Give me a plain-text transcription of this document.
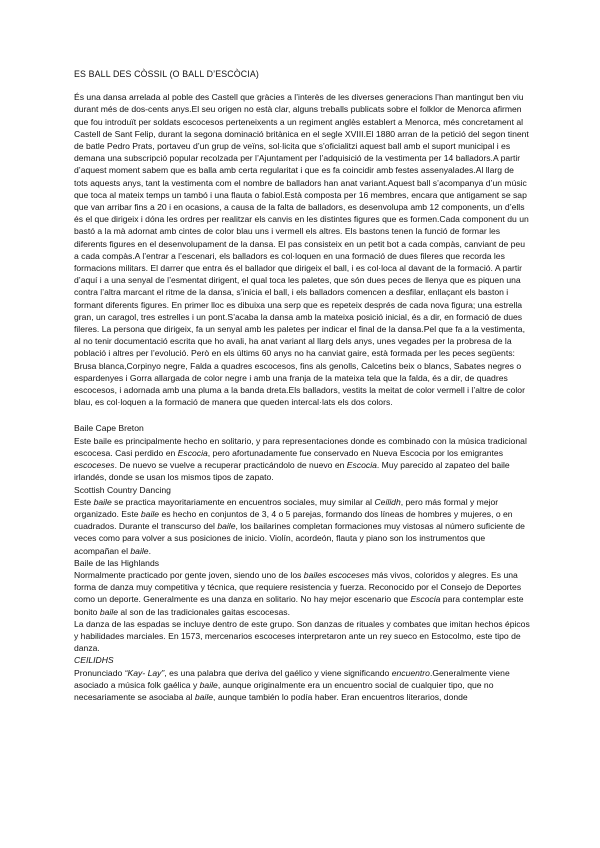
ES BALL DES CÒSSIL (O BALL D’ESCÒCIA)

És una dansa arrelada al poble des Castell que gràcies a l’interès de les diverses generacions l’han mantingut ben viu durant més de dos-cents anys.El seu origen no està clar, alguns treballs publicats sobre el folklor de Menorca afirmen que fou introduït per soldats escocesos perteneixents a un regiment anglès establert a Menorca, més concretament al Castell de Sant Felip, durant la segona dominació britànica en el segle XVIII.El 1880 arran de la petició del segon tinent de batle Pedro Prats, portaveu d’un grup de veïns, sol·licita que s’oficialitzi aquest ball amb el suport municipal i es demana una subscripció popular recolzada per l’Ajuntament per l’adquisició de la vestimenta per 14 balladors.A partir d’aquest moment sabem que es balla amb certa regularitat i que es fa coincidir amb festes assenyalades.Al llarg de tots aquests anys, tant la vestimenta com el nombre de balladors han anat variant.Aquest ball s’acompanya d’un músic que toca al mateix temps un tambó i una flauta o fabiol.Està composta per 16 membres, encara que antigament se sap que van arribar fins a 20 i en ocasions, a causa de la falta de balladors, es desenvolupa amb 12 components, un d’ells és el que dirigeix i dóna les ordres per realitzar els canvis en les distintes figures que es formen.Cada component du un bastó a la mà adornat amb cintes de color blau uns i vermell els altres. Els bastons tenen la funció de formar les diferents figures en el desenvolupament de la dansa. El pas consisteix en un petit bot a cada compàs, canviant de peu a cada compàs.A l’entrar a l’escenari, els balladors es col·loquen en una formació de dues fileres que recorda les formacions militars. El darrer que entra és el ballador que dirigeix el ball, i es col·loca al davant de la formació. A partir d’aquí i a una senyal de l’esmentat dirigent, el qual toca les paletes, que són dues peces de llenya que es piquen una contra l’altra marcant el ritme de la dansa, s’inicia el ball, i els balladors comencen a desfilar, enllaçant els baston i formant diferents figures. En primer lloc es dibuixa una serp que es repeteix després de cada nova figura; una estrella gran, un caragol, tres estrelles i un pont.S’acaba la dansa amb la mateixa posició inicial, és a dir, en formació de dues fileres. La persona que dirigeix, fa un senyal amb les paletes per indicar el final de la dansa.Pel que fa a la vestimenta, al no tenir documentació escrita que ho avali, ha anat variant al llarg dels anys, unes vegades per la probresa de la població i altres per l’evolució. Però en els últims 60 anys no ha canviat gaire, està formada per les peces següents: Brusa blanca,Corpinyo negre, Falda a quadres escocesos, fins als genolls, Calcetins beix o blancs, Sabates negres o espardenyes i Gorra allargada de color negre i amb una franja de la mateixa tela que la falda, és a dir, de quadres escocesos, i adornada amb una pluma a la banda dreta.Els balladors, vestits la meitat de color vermell i l’altre de color blau, es col·loquen a la formació de manera que queden intercal·lats els dos colors.

Baile Cape Breton

Este baile es principalmente hecho en solitario, y para representaciones donde es combinado con la música tradicional escocesa. Casi perdido en Escocia, pero afortunadamente fue conservado en Nueva Escocia por los emigrantes escoceses. De nuevo se vuelve a recuperar practicándolo de nuevo en Escocia. Muy parecido al zapateo del baile irlandés, donde se usan los mismos tipos de zapato.

Scottish Country Dancing

Este baile se practica mayoritariamente en encuentros sociales, muy similar al Ceilidh, pero más formal y mejor organizado. Este baile es hecho en conjuntos de 3, 4 o 5 parejas, formando dos líneas de hombres y mujeres, o en cuadrados. Durante el transcurso del baile, los bailarines completan formaciones muy vistosas al número suficiente de veces como para volver a sus posiciones de inicio. Violín, acordeón, flauta y piano son los instrumentos que acompañan el baile.

Baile de las Highlands

Normalmente practicado por gente joven, siendo uno de los bailes escoceses más vivos, coloridos y alegres. Es una forma de danza muy competitiva y técnica, que requiere resistencia y fuerza. Reconocido por el Consejo de Deportes como un deporte. Generalmente es una danza en solitario. No hay mejor escenario que Escocia para contemplar este bonito baile al son de las tradicionales gaitas escocesas.

La danza de las espadas se incluye dentro de este grupo. Son danzas de rituales y combates que imitan hechos épicos y habilidades marciales. En 1573, mercenarios escoceses interpretaron ante un rey sueco en Estocolmo, este tipo de danza.

CEILIDHS

Pronunciado “Kay- Lay”, es una palabra que deriva del gaélico y viene significando encuentro.Generalmente viene asociado a música folk gaélica y baile, aunque originalmente era un encuentro social de cualquier tipo, que no necesariamente se asociaba al baile, aunque también lo podía haber. Eran encuentros literarios, donde
